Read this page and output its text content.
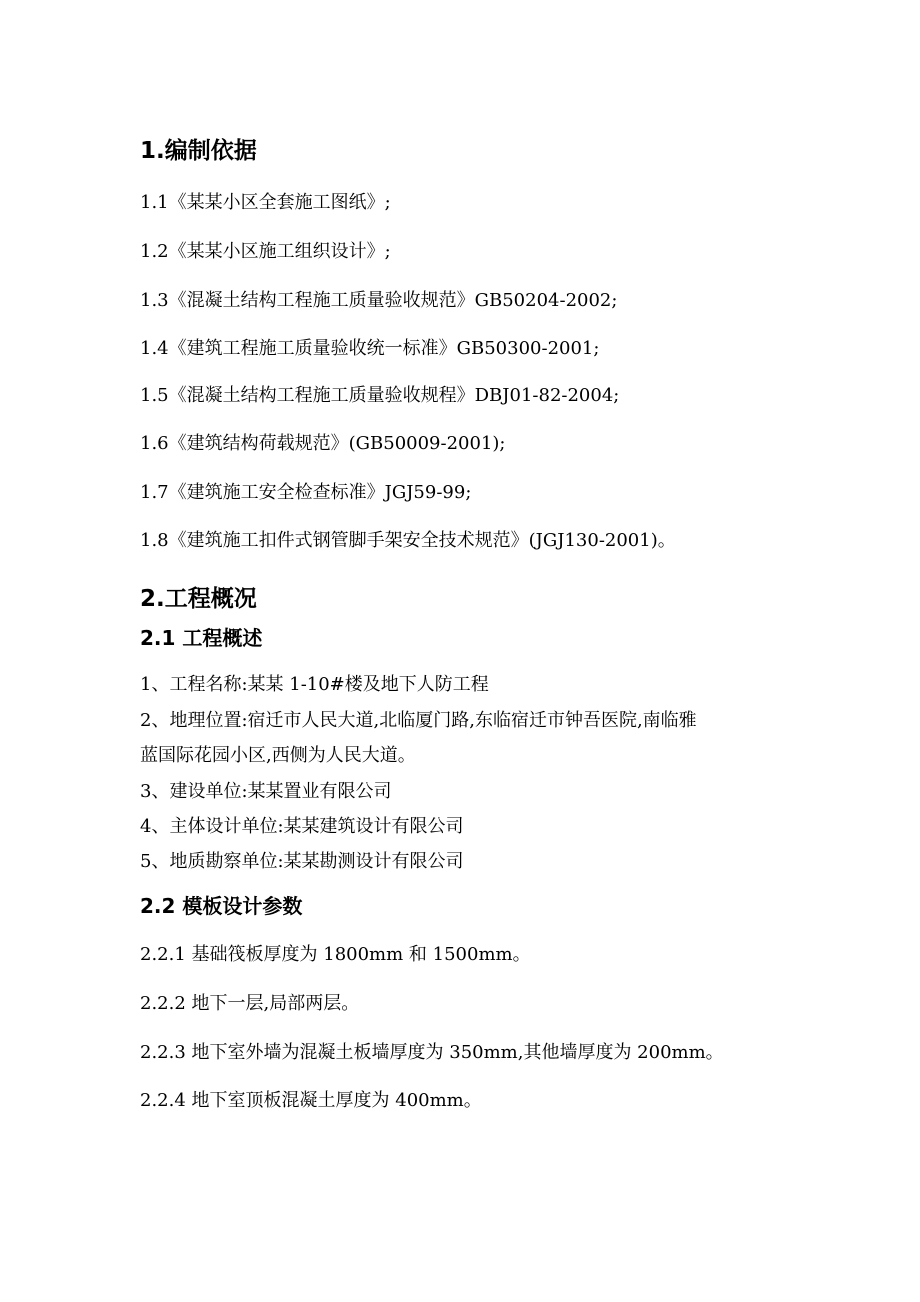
1.编制依据
1.1《某某小区全套施工图纸》;
1.2《某某小区施工组织设计》;
1.3《混凝土结构工程施工质量验收规范》GB50204-2002;
1.4《建筑工程施工质量验收统一标准》GB50300-2001;
1.5《混凝土结构工程施工质量验收规程》DBJ01-82-2004;
1.6《建筑结构荷载规范》(GB50009-2001);
1.7《建筑施工安全检查标准》JGJ59-99;
1.8《建筑施工扣件式钢管脚手架安全技术规范》(JGJ130-2001)。
2.工程概况
2.1 工程概述
1、工程名称:某某 1-10#楼及地下人防工程
2、地理位置:宿迁市人民大道,北临厦门路,东临宿迁市钟吾医院,南临雅
蓝国际花园小区,西侧为人民大道。
3、建设单位:某某置业有限公司
4、主体设计单位:某某建筑设计有限公司
5、地质勘察单位:某某勘测设计有限公司
2.2 模板设计参数
2.2.1 基础筏板厚度为 1800mm 和 1500mm。
2.2.2 地下一层,局部两层。
2.2.3 地下室外墙为混凝土板墙厚度为 350mm,其他墙厚度为 200mm。
2.2.4 地下室顶板混凝土厚度为 400mm。
